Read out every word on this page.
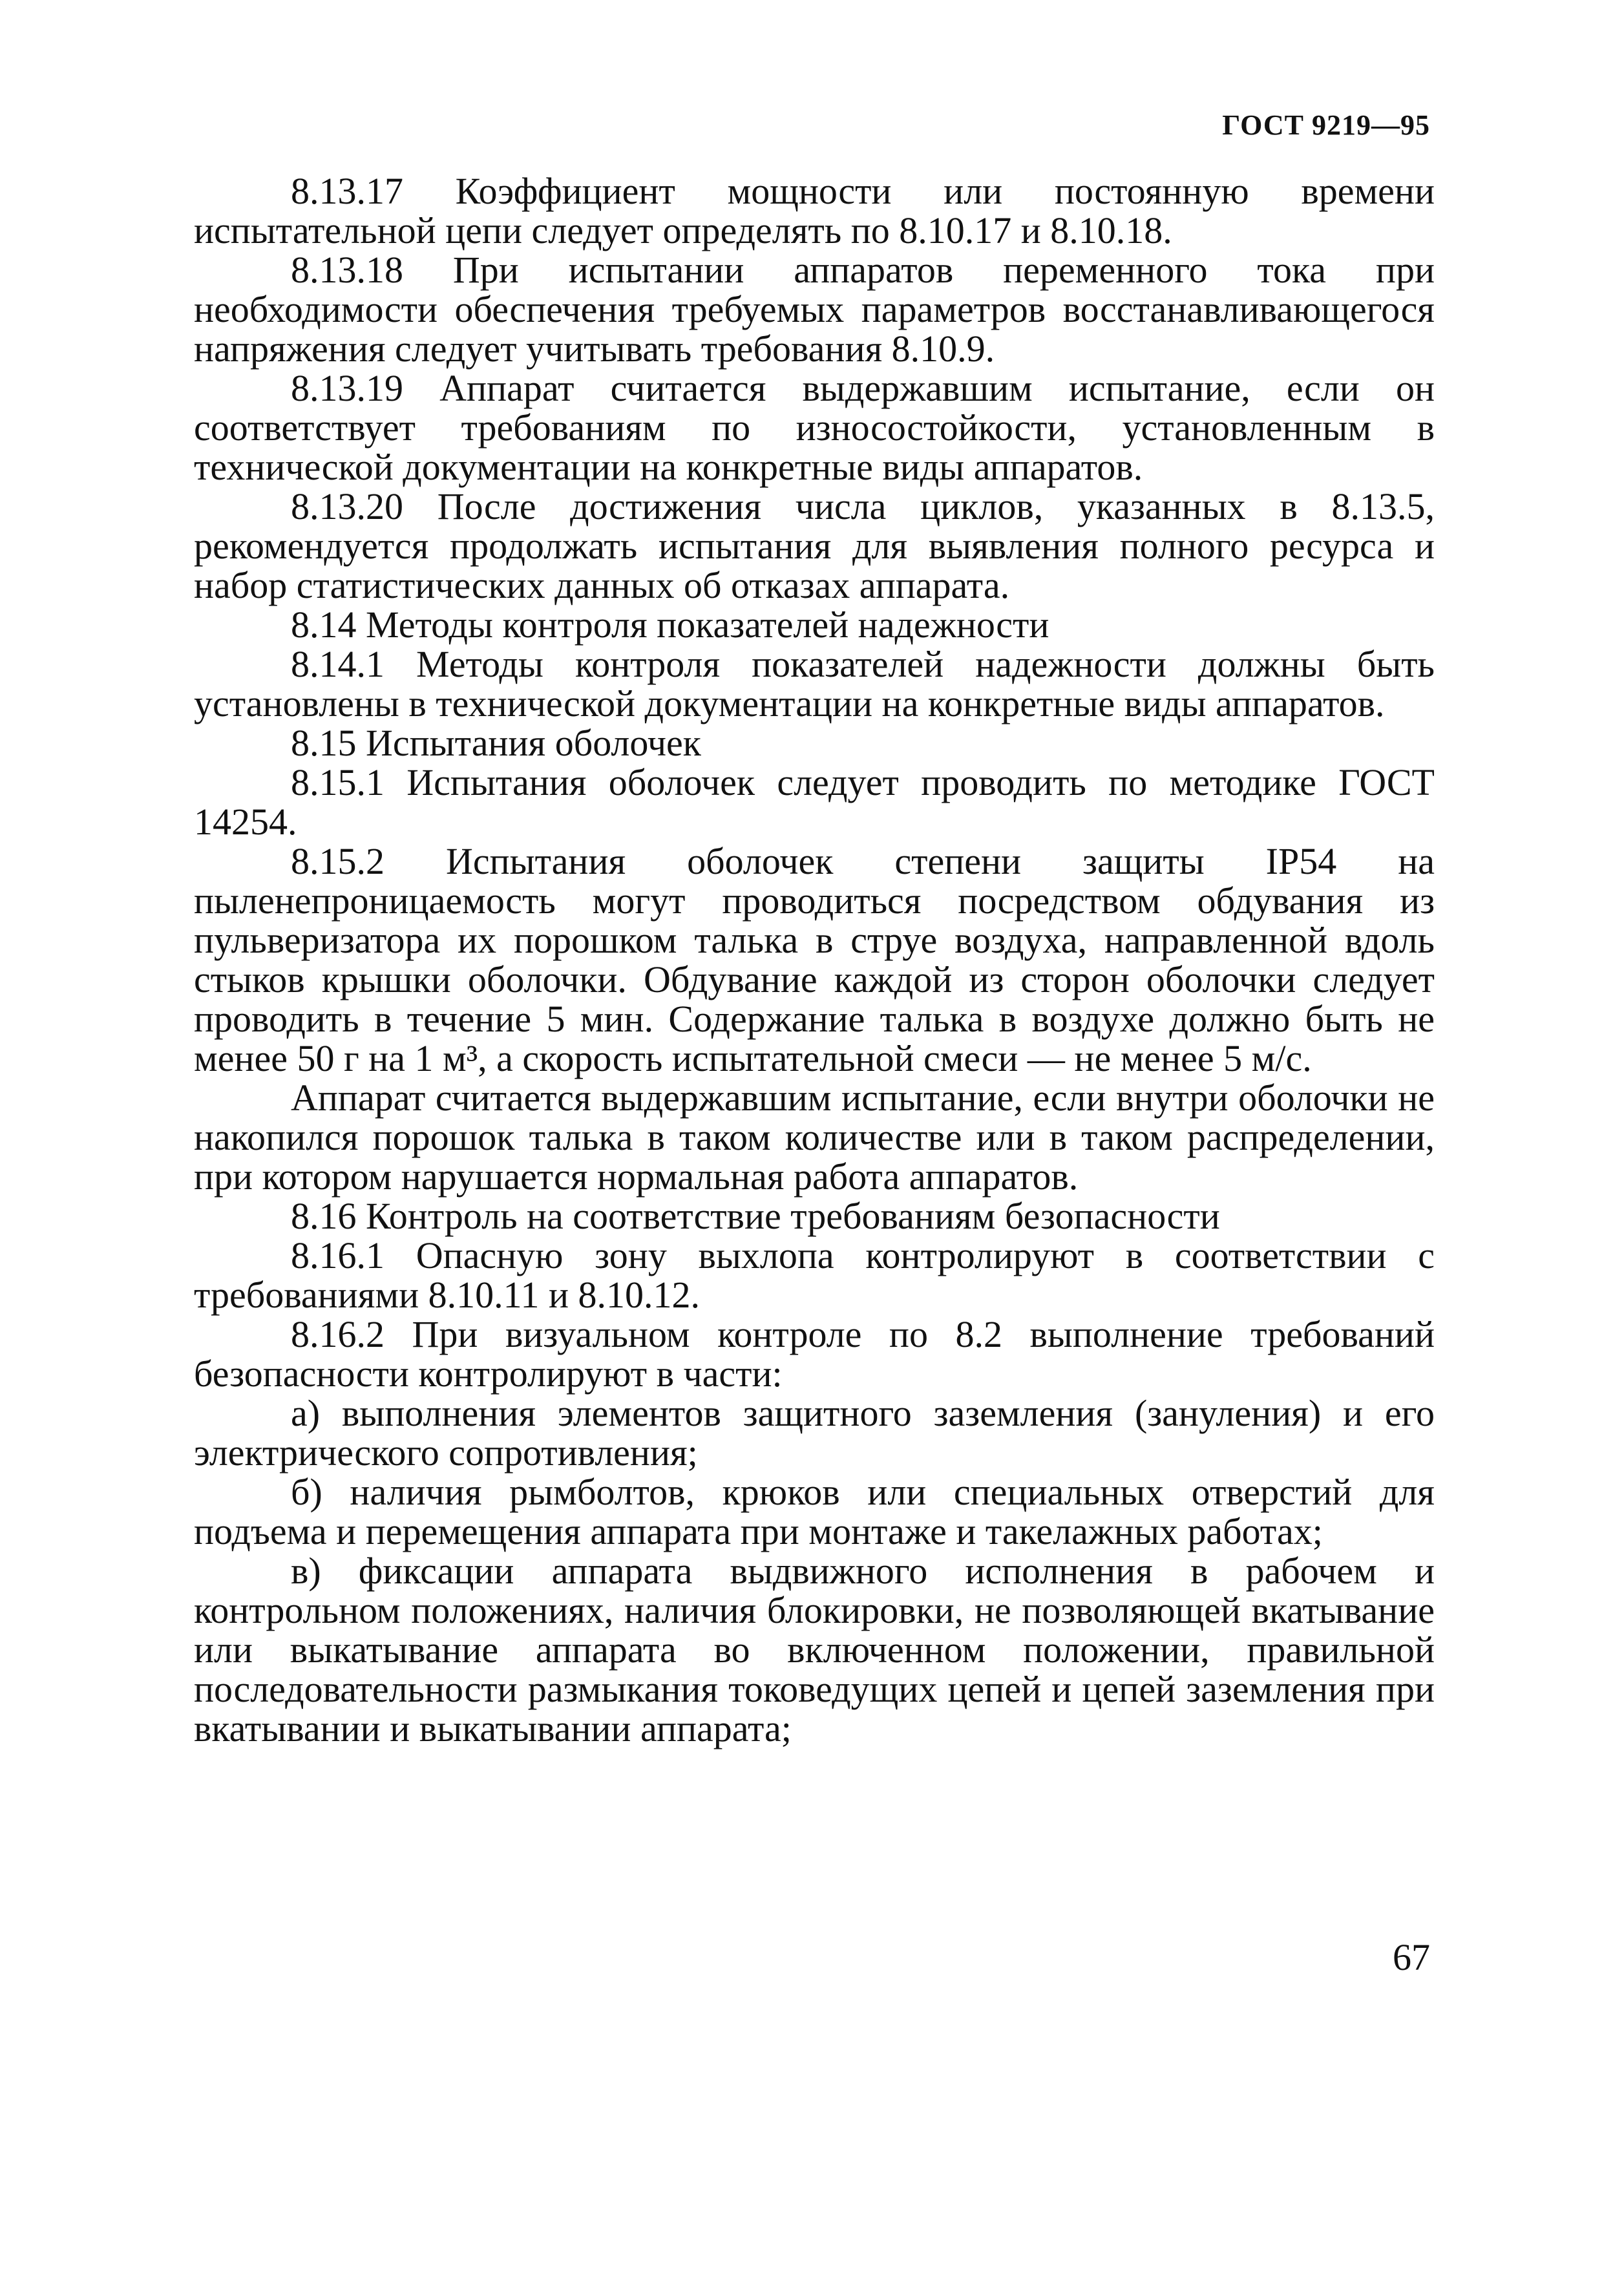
ГОСТ 9219—95

8.13.17 Коэффициент мощности или постоянную времени испытательной цепи следует определять по 8.10.17 и 8.10.18.

8.13.18 При испытании аппаратов переменного тока при необходимости обеспечения требуемых параметров восстанавливающегося напряжения следует учитывать требования 8.10.9.

8.13.19 Аппарат считается выдержавшим испытание, если он соответствует требованиям по износостойкости, установленным в технической документации на конкретные виды аппаратов.

8.13.20 После достижения числа циклов, указанных в 8.13.5, рекомендуется продолжать испытания для выявления полного ресурса и набор статистических данных об отказах аппарата.

8.14 Методы контроля показателей надежности

8.14.1 Методы контроля показателей надежности должны быть установлены в технической документации на конкретные виды аппаратов.

8.15 Испытания оболочек

8.15.1 Испытания оболочек следует проводить по методике ГОСТ 14254.

8.15.2 Испытания оболочек степени защиты IP54 на пыленепроницаемость могут проводиться посредством обдувания из пульверизатора их порошком талька в струе воздуха, направленной вдоль стыков крышки оболочки. Обдувание каждой из сторон оболочки следует проводить в течение 5 мин. Содержание талька в воздухе должно быть не менее 50 г на 1 м³, а скорость испытательной смеси — не менее 5 м/с.

Аппарат считается выдержавшим испытание, если внутри оболочки не накопился порошок талька в таком количестве или в таком распределении, при котором нарушается нормальная работа аппаратов.

8.16 Контроль на соответствие требованиям безопасности

8.16.1 Опасную зону выхлопа контролируют в соответствии с требованиями 8.10.11 и 8.10.12.

8.16.2 При визуальном контроле по 8.2 выполнение требований безопасности контролируют в части:

а) выполнения элементов защитного заземления (зануления) и его электрического сопротивления;

б) наличия рымболтов, крюков или специальных отверстий для подъема и перемещения аппарата при монтаже и такелажных работах;

в) фиксации аппарата выдвижного исполнения в рабочем и контрольном положениях, наличия блокировки, не позволяющей вкатывание или выкатывание аппарата во включенном положении, правильной последовательности размыкания токоведущих цепей и цепей заземления при вкатывании и выкатывании аппарата;

67
